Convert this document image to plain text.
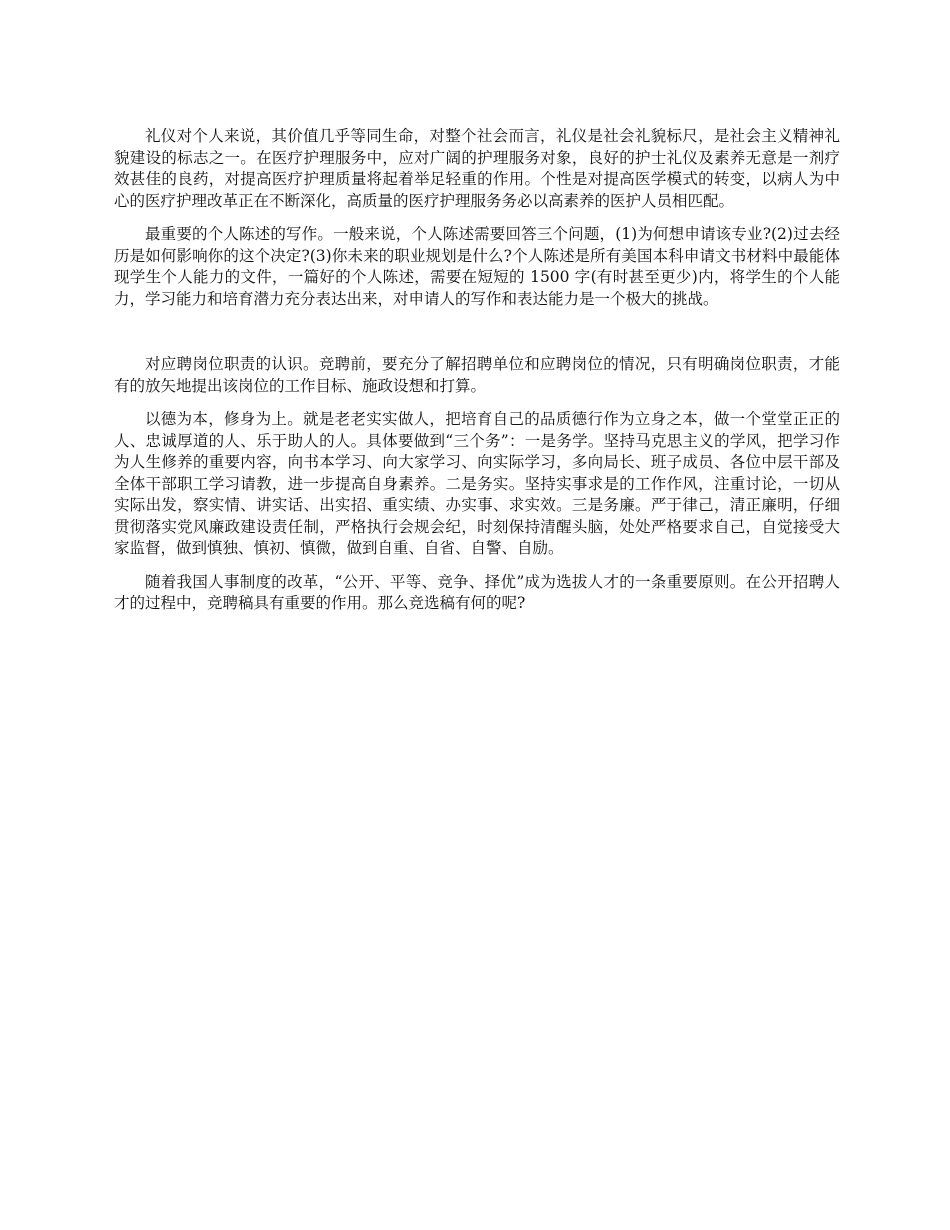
礼仪对个人来说，其价值几乎等同生命，对整个社会而言，礼仪是社会礼貌标尺，是社会主义精神礼貌建设的标志之一。在医疗护理服务中，应对广阔的护理服务对象，良好的护士礼仪及素养无意是一剂疗效甚佳的良药，对提高医疗护理质量将起着举足轻重的作用。个性是对提高医学模式的转变，以病人为中心的医疗护理改革正在不断深化，高质量的医疗护理服务务必以高素养的医护人员相匹配。

最重要的个人陈述的写作。一般来说，个人陈述需要回答三个问题，(1)为何想申请该专业?(2)过去经历是如何影响你的这个决定?(3)你未来的职业规划是什么?个人陈述是所有美国本科申请文书材料中最能体现学生个人能力的文件，一篇好的个人陈述，需要在短短的 1500 字(有时甚至更少)内，将学生的个人能力，学习能力和培育潜力充分表达出来，对申请人的写作和表达能力是一个极大的挑战。

对应聘岗位职责的认识。竞聘前，要充分了解招聘单位和应聘岗位的情况，只有明确岗位职责，才能有的放矢地提出该岗位的工作目标、施政设想和打算。

以德为本，修身为上。就是老老实实做人，把培育自己的品质德行作为立身之本，做一个堂堂正正的人、忠诚厚道的人、乐于助人的人。具体要做到“三个务”：一是务学。坚持马克思主义的学风，把学习作为人生修养的重要内容，向书本学习、向大家学习、向实际学习，多向局长、班子成员、各位中层干部及全体干部职工学习请教，进一步提高自身素养。二是务实。坚持实事求是的工作作风，注重讨论，一切从实际出发，察实情、讲实话、出实招、重实绩、办实事、求实效。三是务廉。严于律己，清正廉明，仔细贯彻落实党风廉政建设责任制，严格执行会规会纪，时刻保持清醒头脑，处处严格要求自己，自觉接受大家监督，做到慎独、慎初、慎微，做到自重、自省、自警、自励。

随着我国人事制度的改革，“公开、平等、竞争、择优”成为选拔人才的一条重要原则。在公开招聘人才的过程中，竞聘稿具有重要的作用。那么竞选稿有何的呢?
